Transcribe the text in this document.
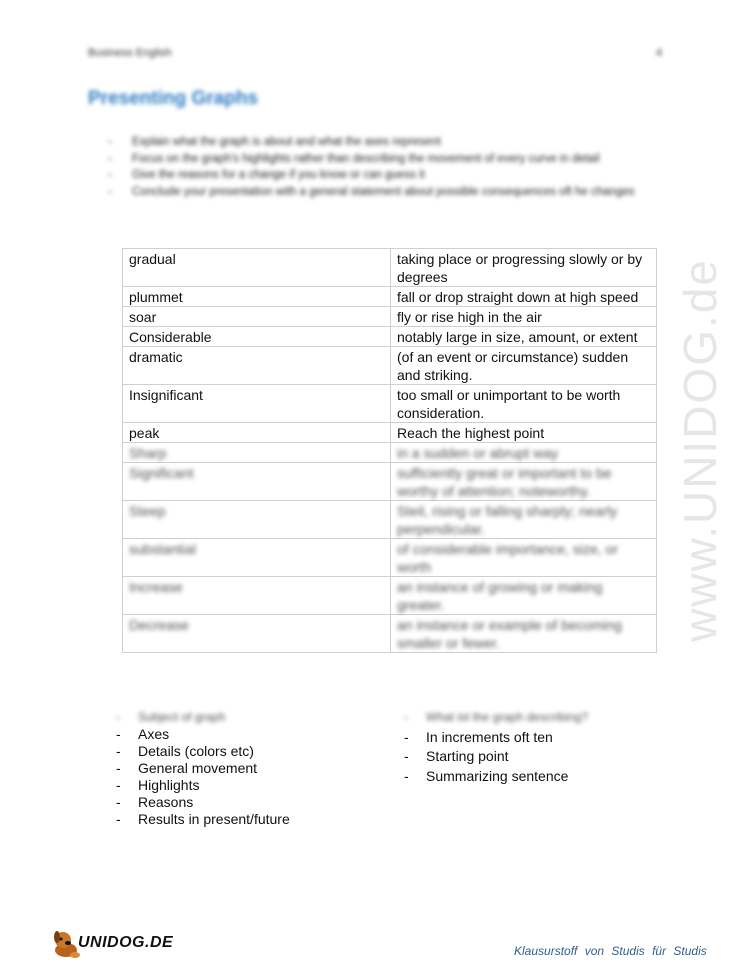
Business English	4
Presenting Graphs
- Explain what the graph is about and what the axes represent
- Focus on the graph's highlights rather than describing the movement of every curve in detail
- Give the reasons for a change if you know or can guess it
- Conclude your presentation with a general statement about possible consequences oft he changes
www.UNIDOG.de
gradual	taking place or progressing slowly or by degrees
plummet	fall or drop straight down at high speed
soar	fly or rise high in the air
Considerable	notably large in size, amount, or extent
dramatic	(of an event or circumstance) sudden and striking.
Insignificant	too small or unimportant to be worth consideration.
peak	Reach the highest point
Sharp	in a sudden or abrupt way
Significant	sufficiently great or important to be worthy of attention; noteworthy.
Steep	Steil, rising or falling sharply; nearly perpendicular.
substantial	of considerable importance, size, or worth
Increase	an instance of growing or making greater.
Decrease	an instance or example of becoming smaller or fewer.
- Subject of graph
- Axes
- Details (colors etc)
- General movement
- Highlights
- Reasons
- Results in present/future
- What ist the graph describing?
- In increments oft ten
- Starting point
- Summarizing sentence
UNIDOG.DE	Klausurstoff von Studis für Studis
